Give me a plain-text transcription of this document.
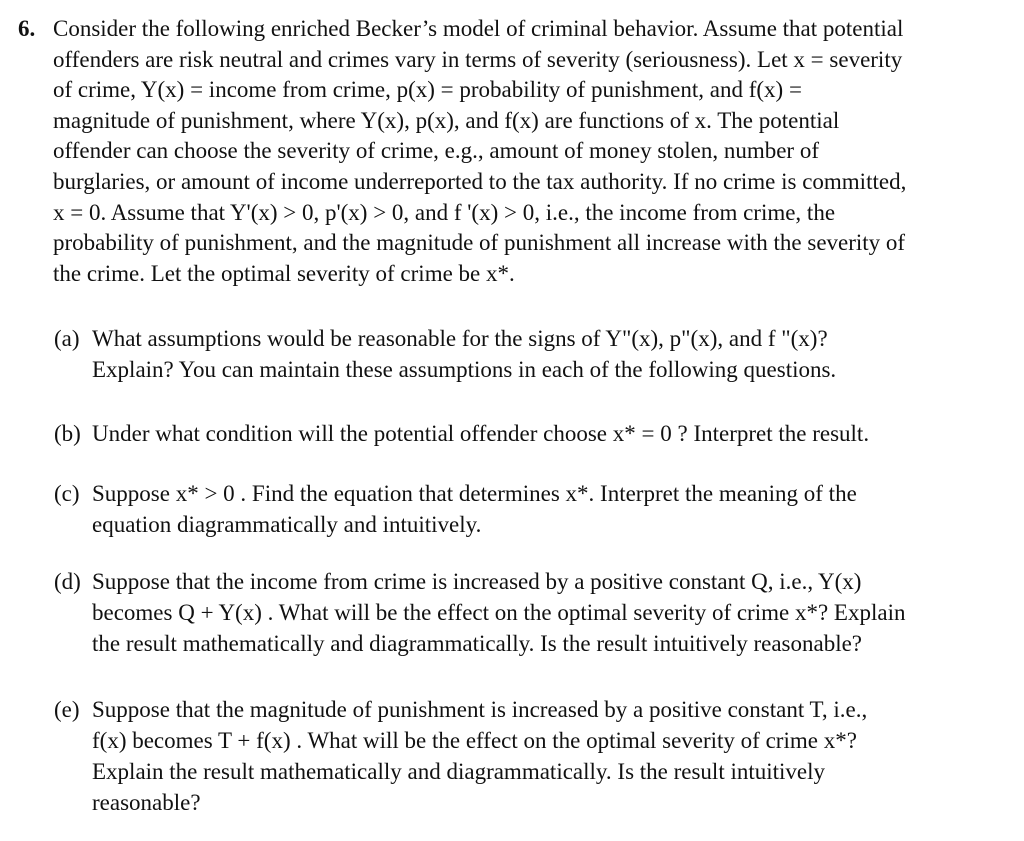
6. Consider the following enriched Becker’s model of criminal behavior. Assume that potential
offenders are risk neutral and crimes vary in terms of severity (seriousness). Let x = severity
of crime, Y(x) = income from crime, p(x) = probability of punishment, and f(x) =
magnitude of punishment, where Y(x), p(x), and f(x) are functions of x. The potential
offender can choose the severity of crime, e.g., amount of money stolen, number of
burglaries, or amount of income underreported to the tax authority. If no crime is committed,
x = 0. Assume that Y'(x) > 0, p'(x) > 0, and f '(x) > 0, i.e., the income from crime, the
probability of punishment, and the magnitude of punishment all increase with the severity of
the crime. Let the optimal severity of crime be x*.
(a) What assumptions would be reasonable for the signs of Y"(x), p"(x), and f "(x)?
Explain? You can maintain these assumptions in each of the following questions.
(b) Under what condition will the potential offender choose x* = 0 ? Interpret the result.
(c) Suppose x* > 0 . Find the equation that determines x*. Interpret the meaning of the
equation diagrammatically and intuitively.
(d) Suppose that the income from crime is increased by a positive constant Q, i.e., Y(x)
becomes Q + Y(x) . What will be the effect on the optimal severity of crime x*? Explain
the result mathematically and diagrammatically. Is the result intuitively reasonable?
(e) Suppose that the magnitude of punishment is increased by a positive constant T, i.e.,
f(x) becomes T + f(x) . What will be the effect on the optimal severity of crime x*?
Explain the result mathematically and diagrammatically. Is the result intuitively
reasonable?
